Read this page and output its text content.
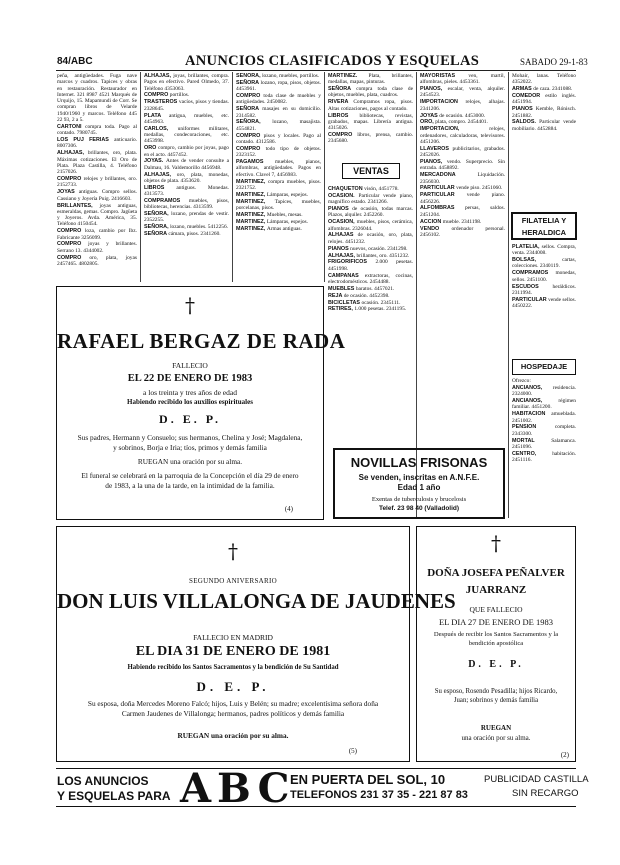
84/ABC	ANUNCIOS CLASIFICADOS Y ESQUELAS	SABADO 29-1-83

peña, antigüedades. Fuga nave marcos y cuadros. Tapices y obras en restauración. Restaurador en Internet. 321 8987 4521 Marqués de Urquijo, 15. Mapamundi de Corr. Se compran libros de Velarde 1940/1960 y marcos. Teléfono 445 22 93, 2 a 5.

CARTONI compra toda. Pago al contado. 7980745.

LOS PUJ FERIAS anticuario. 8007306.

ALHAJAS, brillantes, oro, plata. Máximas cotizaciones. El Oro de Plata. Plaza Castilla, 4. Teléfono 2157026.

COMPRO relojes y brillantes, oro. 2152733.

JOYAS antiguas. Compro sellos. Cassiano y Joyería Puig. 2416603.

BRILLANTES, joyas antiguas, esmeraldas, gemas. Compro. Jagüeta y Joyeros. Avda. América, 35. Teléfono 4150454.

COMPRO loza, cambio por Ibz. Fabricante 3256099.

COMPRO joyas y brillantes. Serrano 13. 4344002.

COMPRO oro, plata, joyas 2457465. 4802805.

ALHAJAS, joyas, brillantes, compra. Pagos en efectivo. Pared Olmedo, 37. Teléfono 4353063.

COMPRO portillos.

TRASTEROS vacíos, pisos y tiendas. 2328645.

PLATA antigua, muebles, etc. 4454963.

CARLOS, uniformes militares, medallas, condecoraciones, etc. 4453998.

ORO compro, cambio por joyas, pago en el acto. 4457452.

JOYAS. Antes de vender consulte a Dalmau, 16. Valdemorillo 4456948.

ALHAJAS, oro, plata, monedas, objetos de plata. 4353620.

LIBROS antiguos. Monedas. 4313573.

COMPRAMOS muebles, pisos, bibliotecas, herencias. 4313599.

SEÑORA, lozano, prendas de vestir. 2352255.

SEÑORA, lozano, muebles. 5412256.

SEÑORA cámara, pisos. 2341260.

SEÑORA, lozano, muebles, portillos.

SEÑORA lozano, ropa, pisos, objetos. 4453961.

COMPRO toda clase de muebles y antigüedades. 2450082.

SEÑORA masajes en su domicilio. 2314582.

SEÑORA, lozano, masajista. 4554821.

COMPRO pisos y locales. Pago al contado. 4312586.

COMPRO todo tipo de objetos. 2323152.

PAGAMOS muebles, pianos, alfombras, antigüedades. Pagos en efectivo. Clavel 7, 4456983.

MARTINEZ, compra muebles, pisos. 2321752.

MARTINEZ, Lámparas, espejos.

MARTINEZ, Tapices, muebles, porcelanas, pisos.

MARTINEZ, Muebles, mesas.

MARTINEZ, Lámparas, espejos.

MARTINEZ, Armas antiguas.

MARTINEZ. Plata, brillantes, medallas, mapas, pinturas.

SEÑORA compra toda clase de objetos, muebles, plata, cuadros.

RIVERA Compramos ropa, pisos. Altas cotizaciones, pagos al contado.

LIBROS bibliotecas, revistas, grabados, mapas. Librería antigua. 4315026.

COMPRO libros, prensa, cambio. 2345680.

VENTAS

CHAQUETON visón, 4451778.

OCASION. Particular vende piano, magnífico estado. 2341266.

PIANOS de ocasión, todas marcas. Plazos, alquiler. 2452260.

OCASION, muebles, pisos, cerámica, alfombras. 2326044.

ALHAJAS de ocasión, oro, plata, relojes. 4451232.

PIANOS nuevos, ocasión. 2341298.

ALHAJAS, brillantes, oro. 4351232.

FRIGORIFICOS 2.000 pesetas. 4451998.

CAMPANAS extractoras, cocinas, electrodomésticos. 2454488.

MUEBLES baratos. 4457021.

REJA de ocasión. 4452398.

BICICLETAS ocasión. 2345111.

RETIRES, 1.000 pesetas. 2341195.

MAYORISTAS ven, martil, alfombras, pieles. 4453361.

PIANOS, escalar, venta, alquiler. 2454523.

IMPORTACION relojes, alhajas. 2341206.

JOYAS de ocasión. 4453000.

ORO, plata, compro. 2454401.

IMPORTACION, relojes, ordenadores, calculadoras, televisores. 4451206.

LLAVEROS publicitarios, grabados. 2452026.

PIANOS, vendo. Superprecio. Sin entrada. 4458892.

MERCADONA Liquidación. 2356030.

PARTICULAR vende piso. 2451060.

PARTICULAR vende piano. 4456226.

ALFOMBRAS persas, saldos. 2451204.

ACCION mueble. 2341198.

VENDO ordenador personal. 2456102.

Mohair, lanas. Teléfono 4352022.

ARMAS de caza. 2341088.

COMEDOR estilo inglés. 4451994.

PIANOS Kemble, Rónisch. 2451882.

SALDOS. Particular vende mobiliario. 4452884.

FILATELIA Y HERALDICA

PLATELIA, sellos. Compra, venta. 2344008.

BOLSAS, cartas, colecciones. 2340119.

COMPRAMOS monedas, sellos. 2451100.

ESCUDOS heráldicos. 2311994.

PARTICULAR vende sellos. 4450222.

HOSPEDAJE

Ofrezco:

ANCIANOS, residencia. 2324000.

ANCIANOS, régimen familiar. 4451200.

HABITACION amueblada. 2451002.

PENSION completa. 2343300.

MORTAL Salamanca. 2451096.

CENTRO, habitación. 2451116.

†
RAFAEL BERGAZ DE RADA
FALLECIO
EL 22 DE ENERO DE 1983
a los treinta y tres años de edad
Habiendo recibido los auxilios espirituales
D. E. P.
Sus padres, Hermann y Consuelo; sus hermanos, Chelina y José; Magdalena, y sobrinos, Borja e Iria; tíos, primos y demás familia
RUEGAN una oración por su alma.
El funeral se celebrará en la parroquia de la Concepción el día 29 de enero de 1983, a la una de la tarde, en la intimidad de la familia.
(4)
NOVILLAS FRISONAS
Se venden, inscritas en A.N.F.E.
Edad 1 año
Exentas de tuberculosis y brucelosis
Telef. 23 98 40 (Valladolid)
†
SEGUNDO ANIVERSARIO
DON LUIS VILLALONGA DE JAUDENES
FALLECIO EN MADRID
EL DIA 31 DE ENERO DE 1981
Habiendo recibido los Santos Sacramentos y la bendición de Su Santidad
D. E. P.
Su esposa, doña Mercedes Moreno Falcó; hijos, Luis y Belén; su madre; excelentísima señora doña Carmen Jaudenes de Villalonga; hermanos, padres políticos y demás familia
RUEGAN una oración por su alma.
(5)
†
DOÑA JOSEFA PEÑALVER
JUARRANZ
QUE FALLECIO
EL DIA 27 DE ENERO DE 1983
Después de recibir los Santos Sacramentos y la bendición apostólica
D. E. P.
Su esposo, Rosendo Pesadilla; hijos Ricardo, Juan; sobrinos y demás familia
RUEGAN
una oración por su alma.
(2)
LOS ANUNCIOS
Y ESQUELAS PARA ABC
EN PUERTA DEL SOL, 10
TELEFONOS 231 37 35 - 221 87 83
PUBLICIDAD CASTILLA
SIN RECARGO
